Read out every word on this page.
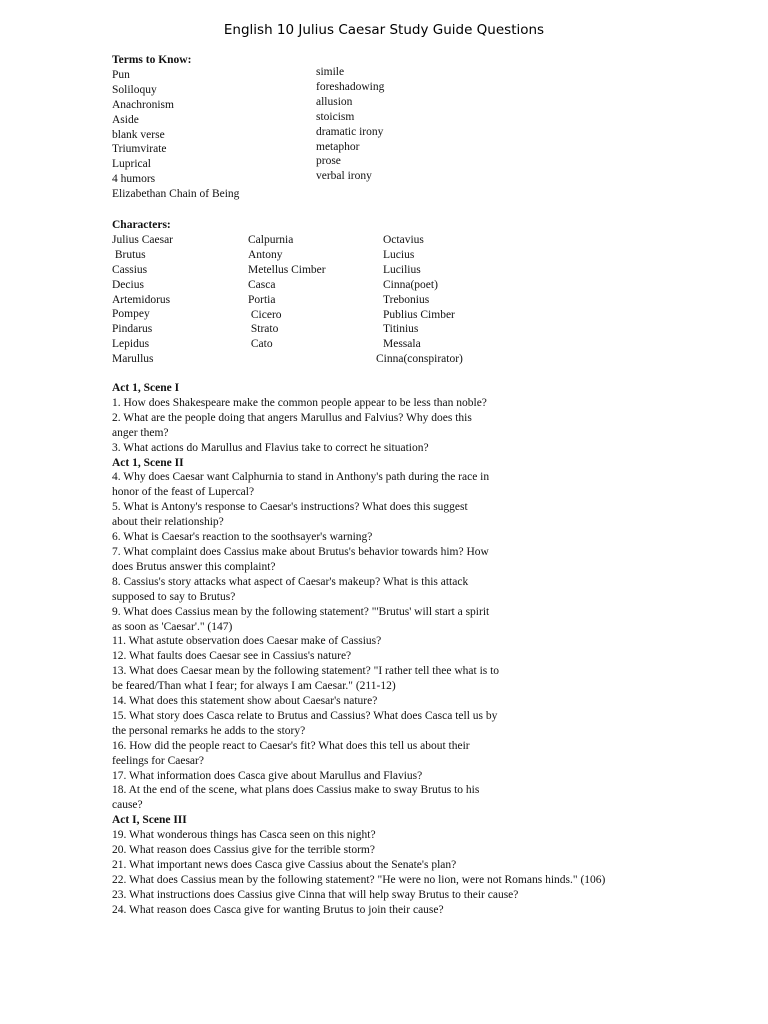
English 10 Julius Caesar Study Guide Questions
Terms to Know:
Pun
Soliloquy
Anachronism
Aside
blank verse
Triumvirate
Luprical
4 humors
Elizabethan Chain of Being
simile
foreshadowing
allusion
stoicism
dramatic irony
metaphor
prose
verbal irony
Characters:
Julius Caesar
Brutus
Cassius
Decius
Artemidorus
Pompey
Pindarus
Lepidus
Marullus
Calpurnia
Antony
Metellus Cimber
Casca
Portia
Cicero
Strato
Cato
Octavius
Lucius
Lucilius
Cinna(poet)
Trebonius
Publius Cimber
Titinius
Messala
Cinna(conspirator)
Act 1, Scene I
1. How does Shakespeare make the common people appear to be less than noble?
2. What are the people doing that angers Marullus and Falvius? Why does this
anger them?
3. What actions do Marullus and Flavius take to correct he situation?
Act 1, Scene II
4. Why does Caesar want Calphurnia to stand in Anthony's path during the race in
honor of the feast of Lupercal?
5. What is Antony's response to Caesar's instructions? What does this suggest
about their relationship?
6. What is Caesar's reaction to the soothsayer's warning?
7. What complaint does Cassius make about Brutus's behavior towards him? How
does Brutus answer this complaint?
8. Cassius's story attacks what aspect of Caesar's makeup? What is this attack
supposed to say to Brutus?
9. What does Cassius mean by the following statement? "'Brutus' will start a spirit
as soon as 'Caesar'." (147)
11. What astute observation does Caesar make of Cassius?
12. What faults does Caesar see in Cassius's nature?
13. What does Caesar mean by the following statement? "I rather tell thee what is to
be feared/Than what I fear; for always I am Caesar." (211-12)
14. What does this statement show about Caesar's nature?
15. What story does Casca relate to Brutus and Cassius? What does Casca tell us by
the personal remarks he adds to the story?
16. How did the people react to Caesar's fit? What does this tell us about their
feelings for Caesar?
17. What information does Casca give about Marullus and Flavius?
18. At the end of the scene, what plans does Cassius make to sway Brutus to his
cause?
Act I, Scene III
19. What wonderous things has Casca seen on this night?
20. What reason does Cassius give for the terrible storm?
21. What important news does Casca give Cassius about the Senate's plan?
22. What does Cassius mean by the following statement? "He were no lion, were not Romans hinds." (106)
23. What instructions does Cassius give Cinna that will help sway Brutus to their cause?
24. What reason does Casca give for wanting Brutus to join their cause?
